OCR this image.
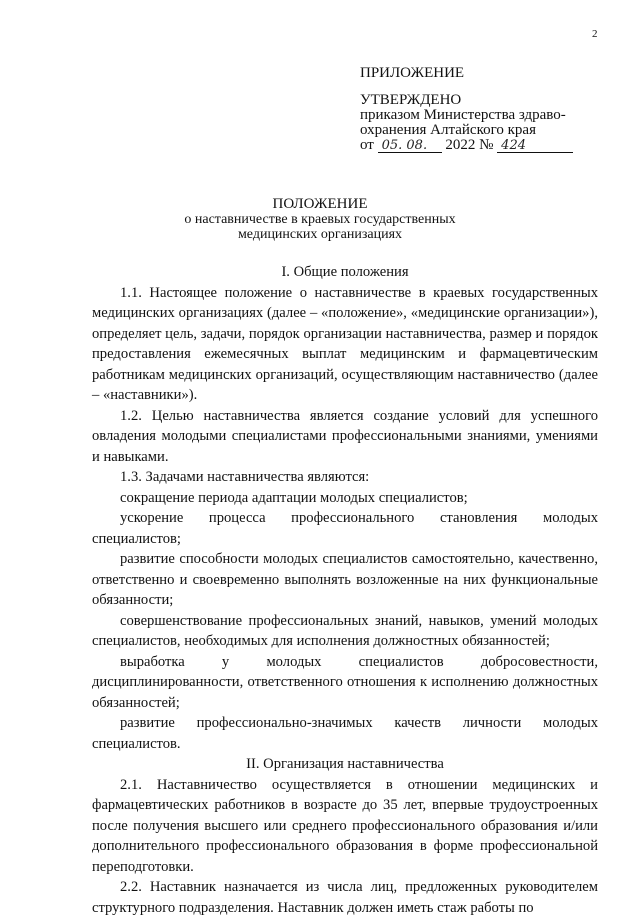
2
ПРИЛОЖЕНИЕ
УТВЕРЖДЕНО
приказом Министерства здраво-
охранения Алтайского края
от 05. 08. 2022 № 424
ПОЛОЖЕНИЕ
о наставничестве в краевых государственных
медицинских организациях
I. Общие положения

1.1. Настоящее положение о наставничестве в краевых государственных медицинских организациях (далее – «положение», «медицинские организации»), определяет цель, задачи, порядок организации наставничества, размер и порядок предоставления ежемесячных выплат медицинским и фармацевтическим работникам медицинских организаций, осуществляющим наставничество (далее – «наставники»).

1.2. Целью наставничества является создание условий для успешного овладения молодыми специалистами профессиональными знаниями, умениями и навыками.

1.3. Задачами наставничества являются:

сокращение периода адаптации молодых специалистов;

ускорение процесса профессионального становления молодых специалистов;

развитие способности молодых специалистов самостоятельно, качественно, ответственно и своевременно выполнять возложенные на них функциональные обязанности;

совершенствование профессиональных знаний, навыков, умений молодых специалистов, необходимых для исполнения должностных обязанностей;

выработка у молодых специалистов добросовестности, дисциплинированности, ответственного отношения к исполнению должностных обязанностей;

развитие профессионально-значимых качеств личности молодых специалистов.

II. Организация наставничества

2.1. Наставничество осуществляется в отношении медицинских и фармацевтических работников в возрасте до 35 лет, впервые трудоустроенных после получения высшего или среднего профессионального образования и/или дополнительного профессионального образования в форме профессиональной переподготовки.

2.2. Наставник назначается из числа лиц, предложенных руководителем структурного подразделения. Наставник должен иметь стаж работы по
